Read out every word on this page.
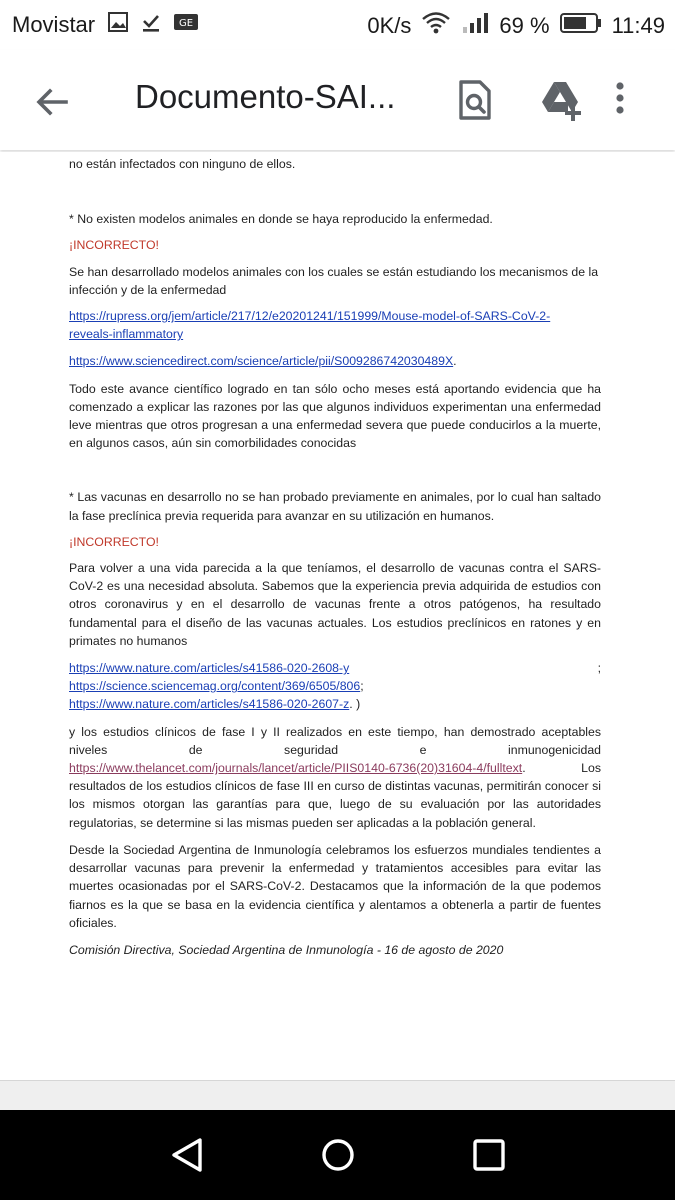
Movistar	GE	0K/s	69 %	11:49
Documento-SAI...

no están infectados con ninguno de ellos.

* No existen modelos animales en donde se haya reproducido la enfermedad.

¡INCORRECTO!

Se han desarrollado modelos animales con los cuales se están estudiando los mecanismos de la infección y de la enfermedad

https://rupress.org/jem/article/217/12/e20201241/151999/Mouse-model-of-SARS-CoV-2-
reveals-inflammatory

https://www.sciencedirect.com/science/article/pii/S009286742030489X.

Todo este avance científico logrado en tan sólo ocho meses está aportando evidencia que ha comenzado a explicar las razones por las que algunos individuos experimentan una enfermedad leve mientras que otros progresan a una enfermedad severa que puede conducirlos a la muerte, en algunos casos, aún sin comorbilidades conocidas

* Las vacunas en desarrollo no se han probado previamente en animales, por lo cual han saltado la fase preclínica previa requerida para avanzar en su utilización en humanos.

¡INCORRECTO!

Para volver a una vida parecida a la que teníamos, el desarrollo de vacunas contra el SARS-CoV-2 es una necesidad absoluta. Sabemos que la experiencia previa adquirida de estudios con otros coronavirus y en el desarrollo de vacunas frente a otros patógenos, ha resultado fundamental para el diseño de las vacunas actuales. Los estudios preclínicos en ratones y en primates no humanos

https://www.nature.com/articles/s41586-020-2608-y	;
https://science.sciencemag.org/content/369/6505/806;
https://www.nature.com/articles/s41586-020-2607-z. )

y los estudios clínicos de fase I y II realizados en este tiempo, han demostrado aceptables niveles de seguridad e inmunogenicidad https://www.thelancet.com/journals/lancet/article/PIIS0140-6736(20)31604-4/fulltext. Los resultados de los estudios clínicos de fase III en curso de distintas vacunas, permitirán conocer si los mismos otorgan las garantías para que, luego de su evaluación por las autoridades regulatorias, se determine si las mismas pueden ser aplicadas a la población general.

Desde la Sociedad Argentina de Inmunología celebramos los esfuerzos mundiales tendientes a desarrollar vacunas para prevenir la enfermedad y tratamientos accesibles para evitar las muertes ocasionadas por el SARS-CoV-2. Destacamos que la información de la que podemos fiarnos es la que se basa en la evidencia científica y alentamos a obtenerla a partir de fuentes oficiales.

Comisión Directiva, Sociedad Argentina de Inmunología - 16 de agosto de 2020
